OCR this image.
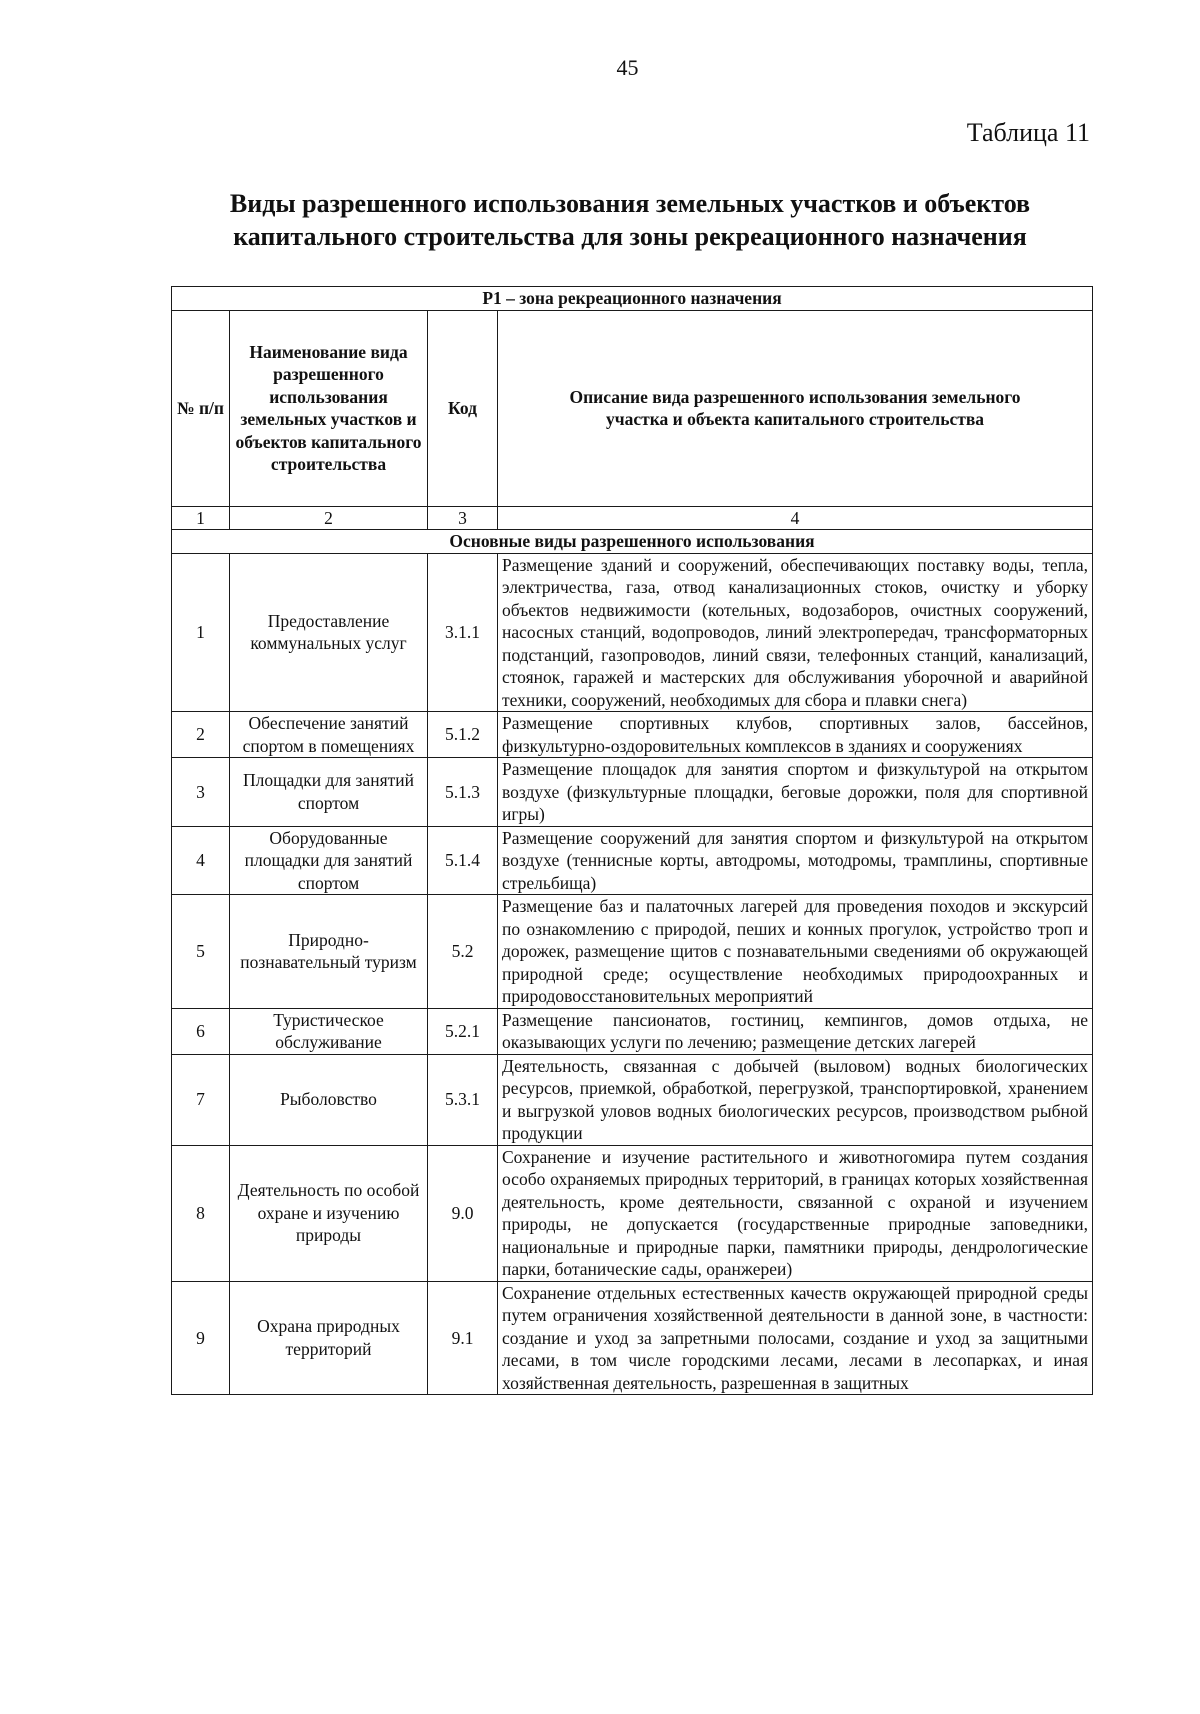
45
Таблица 11
Виды разрешенного использования земельных участков и объектов
капитального строительства для зоны рекреационного назначения
Р1 – зона рекреационного назначения			
№ п/п	Наименование вида разрешенного использования земельных участков и объектов капитального строительства	Код	Описание вида разрешенного использования земельного участка и объекта капитального строительства
1	2	3	4
Основные виды разрешенного использования			
1	Предоставление коммунальных услуг	3.1.1	Размещение зданий и сооружений, обеспечивающих поставку воды, тепла, электричества, газа, отвод канализационных стоков, очистку и уборку объектов недвижимости (котельных, водозаборов, очистных сооружений, насосных станций, водопроводов, линий электропередач, трансформаторных подстанций, газопроводов, линий связи, телефонных станций, канализаций, стоянок, гаражей и мастерских для обслуживания уборочной и аварийной техники, сооружений, необходимых для сбора и плавки снега)
2	Обеспечение занятий спортом в помещениях	5.1.2	Размещение спортивных клубов, спортивных залов, бассейнов, физкультурно-оздоровительных комплексов в зданиях и сооружениях
3	Площадки для занятий спортом	5.1.3	Размещение площадок для занятия спортом и физкультурой на открытом воздухе (физкультурные площадки, беговые дорожки, поля для спортивной игры)
4	Оборудованные площадки для занятий спортом	5.1.4	Размещение сооружений для занятия спортом и физкультурой на открытом воздухе (теннисные корты, автодромы, мотодромы, трамплины, спортивные стрельбища)
5	Природно-познавательный туризм	5.2	Размещение баз и палаточных лагерей для проведения походов и экскурсий по ознакомлению с природой, пеших и конных прогулок, устройство троп и дорожек, размещение щитов с познавательными сведениями об окружающей природной среде; осуществление необходимых природоохранных и природовосстановительных мероприятий
6	Туристическое обслуживание	5.2.1	Размещение пансионатов, гостиниц, кемпингов, домов отдыха, не оказывающих услуги по лечению; размещение детских лагерей
7	Рыболовство	5.3.1	Деятельность, связанная с добычей (выловом) водных биологических ресурсов, приемкой, обработкой, перегрузкой, транспортировкой, хранением и выгрузкой уловов водных биологических ресурсов, производством рыбной продукции
8	Деятельность по особой охране и изучению природы	9.0	Сохранение и изучение растительного и животногомира путем создания особо охраняемых природных территорий, в границах которых хозяйственная деятельность, кроме деятельности, связанной с охраной и изучением природы, не допускается (государственные природные заповедники, национальные и природные парки, памятники природы, дендрологические парки, ботанические сады, оранжереи)
9	Охрана природных территорий	9.1	Сохранение отдельных естественных качеств окружающей природной среды путем ограничения хозяйственной деятельности в данной зоне, в частности: создание и уход за запретными полосами, создание и уход за защитными лесами, в том числе городскими лесами, лесами в лесопарках, и иная хозяйственная деятельность, разрешенная в защитных
